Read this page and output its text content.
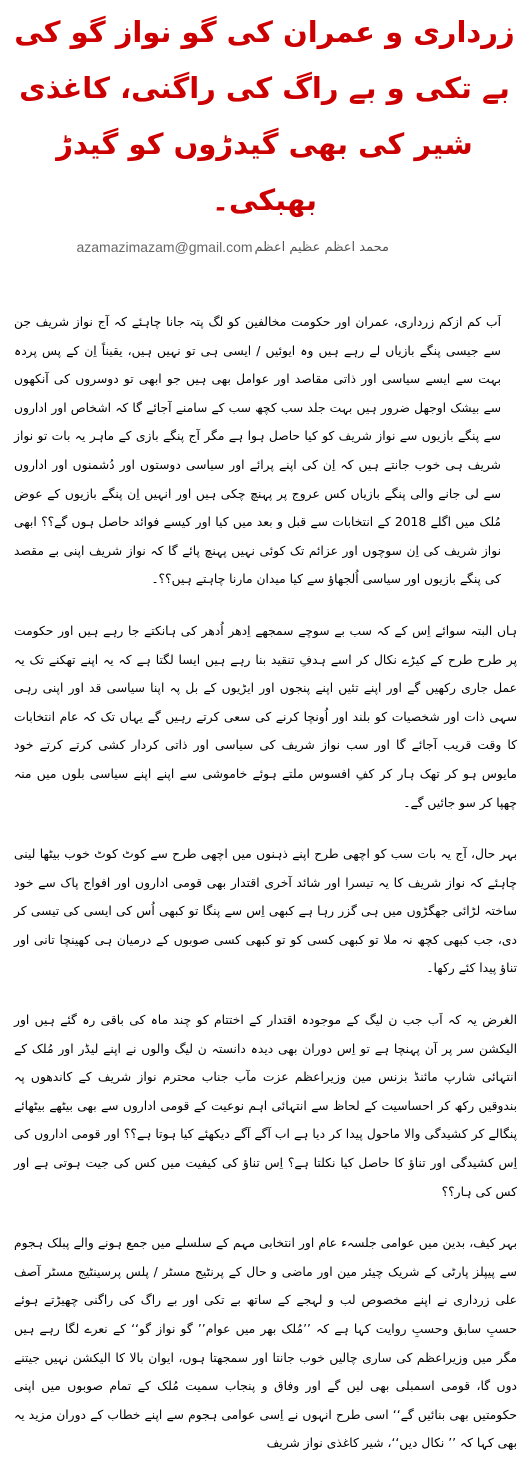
زرداری و عمران کی گو نواز گو کی بے تکی و بے راگ کی راگنی، کاغذی شیر کی بھی گیدڑوں کو گیدڑ بھبکی۔
محمد اعظم عظیم اعظم
azamazimazam@gmail.com

اَب کم ازکم زرداری، عمران اور حکومت مخالفین کو لگ پتہ جانا چاہئے کہ آج نواز شریف جن سے جیسی پنگے بازیاں لے رہے ہیں وہ ایوئیں / ایسی ہی تو نہیں ہیں، یقیناً اِن کے پس پردہ بہت سے ایسے سیاسی اور ذاتی مقاصد اور عوامل بھی ہیں جو ابھی تو دوسروں کی آنکھوں سے بیشک اوجھل ضرور ہیں بہت جلد سب کچھ سب کے سامنے آجائے گا کہ اشخاص اور اداروں سے پنگے بازیوں سے نواز شریف کو کیا حاصل ہوا ہے مگر آج پنگے بازی کے ماہر یہ بات تو نواز شریف ہی خوب جانتے ہیں کہ اِن کی اپنے پرائے اور سیاسی دوستوں اور دُشمنوں اور اداروں سے لی جانے والی پنگے بازیاں کس عروج پر پہنچ چکی ہیں اور انہیں اِن پنگے بازیوں کے عوض مُلک میں اگلے 2018 کے انتخابات سے قبل و بعد میں کیا اور کیسے فوائد حاصل ہوں گے؟؟ ابھی نواز شریف کی اِن سوچوں اور عزائم تک کوئی نہیں پہنچ پائے گا کہ نواز شریف اپنی بے مقصد کی پنگے بازیوں اور سیاسی اُلجھاؤ سے کیا میدان مارنا چاہتے ہیں؟؟۔

ہاں البتہ سوائے اِس کے کہ سب بے سوچے سمجھے اِدھر اُدھر کی ہانکتے جا رہے ہیں اور حکومت پر طرح طرح کے کیڑے نکال کر اسے ہدفِ تنقید بنا رہے ہیں ایسا لگتا ہے کہ یہ اپنے تھکنے تک یہ عمل جاری رکھیں گے اور اپنے تئیں اپنے پنجوں اور ایڑیوں کے بل پہ اپنا سیاسی قد اور اپنی رہی سہی ذات اور شخصیات کو بلند اور اُونچا کرنے کی سعی کرتے رہیں گے یہاں تک کہ عام انتخابات کا وقت قریب آجائے گا اور سب نواز شریف کی سیاسی اور ذاتی کردار کشی کرتے کرتے خود مایوس ہو کر تھک ہار کر کفِ افسوس ملتے ہوئے خاموشی سے اپنے اپنے سیاسی بلوں میں منہ چھپا کر سو جائیں گے۔

بہر حال، آج یہ بات سب کو اچھی طرح اپنے ذہنوں میں اچھی طرح سے کوٹ کوٹ خوب بیٹھا لینی چاہئے کہ نواز شریف کا یہ تیسرا اور شائد آخری اقتدار بھی قومی اداروں اور افواج پاک سے خود ساختہ لڑائی جھگڑوں میں ہی گزر رہا ہے کبھی اِس سے پنگا تو کبھی اُس کی ایسی کی تیسی کر دی، جب کبھی کچھ نہ ملا تو کبھی کسی کو تو کبھی کسی صوبوں کے درمیان ہی کھینچا تانی اور تناؤ پیدا کئے رکھا۔

الغرض یہ کہ اَب جب ن لیگ کے موجودہ اقتدار کے اختتام کو چند ماہ کی باقی رہ گئے ہیں اور الیکشن سر پر آن پہنچا ہے تو اِس دوران بھی دیدہ دانستہ ن لیگ والوں نے اپنے لیڈر اور مُلک کے انتہائی شارپ مائنڈ بزنس مین وزیراعظم عزت مآب جناب محترم نواز شریف کے کاندھوں پہ بندوقیں رکھ کر احساسیت کے لحاظ سے انتہائی اہم نوعیت کے قومی اداروں سے بھی بیٹھے بیٹھائے پنگالے کر کشیدگی والا ماحول پیدا کر دیا ہے اب آگے آگے دیکھئے کیا ہوتا ہے؟؟ اور قومی اداروں کی اِس کشیدگی اور تناؤ کا حاصل کیا نکلتا ہے؟ اِس تناؤ کی کیفیت میں کس کی جیت ہوتی ہے اور کس کی ہار؟؟

بہر کیف، بدین میں عوامی جلسہء عام اور انتخابی مہم کے سلسلے میں جمع ہونے والے پبلک ہجوم سے پیپلز پارٹی کے شریک چیئر مین اور ماضی و حال کے پرنٹیج مسٹر / پلس پرسینٹیج مسٹر آصف علی زرداری نے اپنے مخصوص لب و لہجے کے ساتھ بے تکی اور بے راگ کی راگنی چھیڑتے ہوئے حسبِ سابق وحسبِ روایت کہا ہے کہ ’’مُلک بھر میں عوام’’ گو نواز گو‘‘ کے نعرے لگا رہے ہیں مگر میں وزیراعظم کی ساری چالیں خوب جانتا اور سمجھتا ہوں، ایوان بالا کا الیکشن نہیں جیتنے دوں گا، قومی اسمبلی بھی لیں گے اور وفاق و پنجاب سمیت مُلک کے تمام صوبوں میں اپنی حکومتیں بھی بنائیں گے‘‘ اسی طرح انہوں نے اِسی عوامی ہجوم سے اپنے خطاب کے دوران مزید یہ بھی کہا کہ ’’ نکال دیں‘‘، شیر کاغذی نواز شریف
